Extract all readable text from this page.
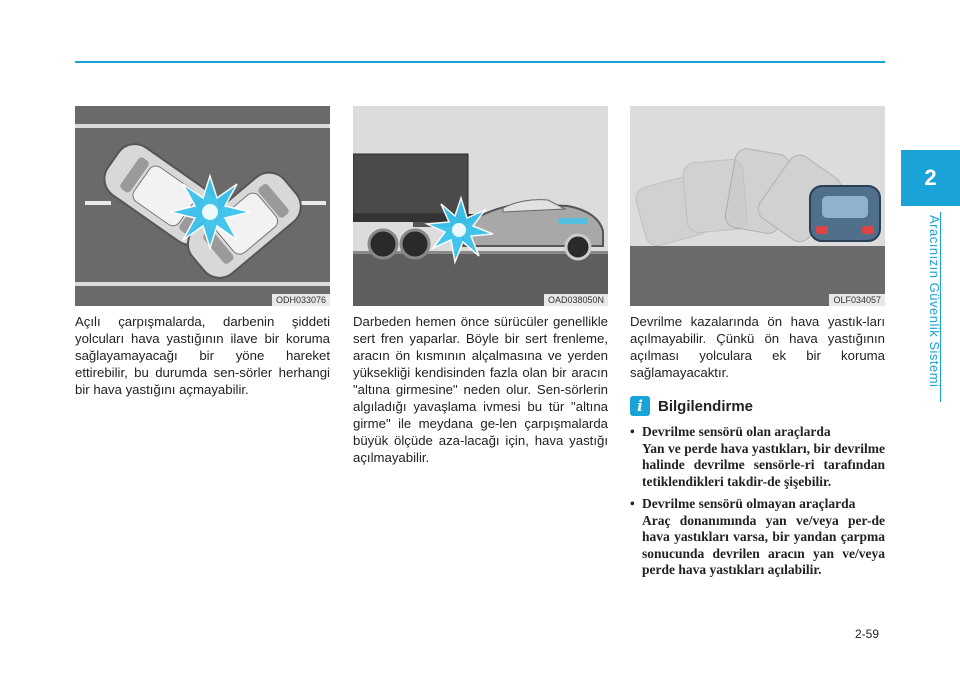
2
Aracınızın Güvenlik Sistemi
ODH033076	OAD038050N	OLF034057
Açılı çarpışmalarda, darbenin şiddeti yolcuları hava yastığının ilave bir koruma sağlayamayacağı bir yöne hareket ettirebilir, bu durumda sen-sörler herhangi bir hava yastığını açmayabilir.
Darbeden hemen önce sürücüler genellikle sert fren yaparlar. Böyle bir sert frenleme, aracın ön kısmının alçalmasına ve yerden yüksekliği kendisinden fazla olan bir aracın "altına girmesine" neden olur. Sen-sörlerin algıladığı yavaşlama ivmesi bu tür "altına girme" ile meydana ge-len çarpışmalarda büyük ölçüde aza-lacağı için, hava yastığı açılmayabilir.
Devrilme kazalarında ön hava yastık-ları açılmayabilir. Çünkü ön hava yastığının açılması yolculara ek bir koruma sağlamayacaktır.
i	Bilgilendirme
• Devrilme sensörü olan araçlarda
Yan ve perde hava yastıkları, bir devrilme halinde devrilme sensörle-ri tarafından tetiklendikleri takdir-de şişebilir.
• Devrilme sensörü olmayan araçlarda
Araç donanımında yan ve/veya per-de hava yastıkları varsa, bir yandan çarpma sonucunda devrilen aracın yan ve/veya perde hava yastıkları açılabilir.
2-59
